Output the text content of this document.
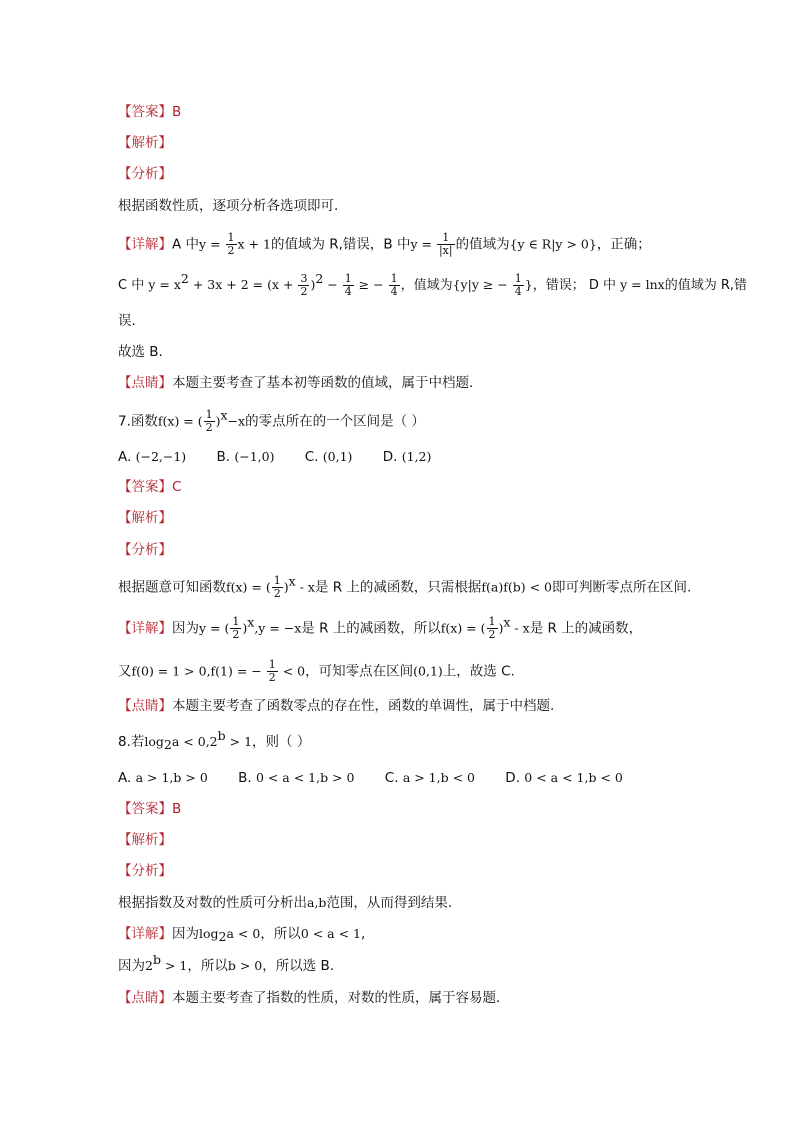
【答案】B
【解析】
【分析】
根据函数性质，逐项分析各选项即可.
【详解】A 中$y = \frac{1}{2}$ x + 1的值域为 R,错误，B 中$y = \frac{1}{|x|}$ 的值域为{y ∈ R|y > 0}，正确；
C 中 $y = x^2 + 3x + 2 = (x + \frac{3}{2} )^2 - \frac{1}{4}$ ≥ − $\frac{1}{4}$ ，值域为{y|y ≥ − $\frac{1}{4}$ }，错误； D 中 y = lnx的值域为 R,错
误.
故选 B.
【点睛】本题主要考查了基本初等函数的值域，属于中档题.
7.函数f(x) = ( $\frac{1}{2} )^x-x$的零点所在的一个区间是（ ）
A. (−2,−1) B. (−1,0) C. (0,1) D. (1,2)
【答案】C
【解析】
【分析】
根据题意可知函数f(x) = ( $\frac{1}{2} )^x$ - x是 R 上的减函数，只需根据f(a)f(b) < 0即可判断零点所在区间.
【详解】因为y = ( $\frac{1}{2} )^x,y = -x$是 R 上的减函数，所以f(x) = ( $\frac{1}{2} )^x$ - x是 R 上的减函数，
又f(0) = 1 > 0,f(1) = − $\frac{1}{2} < 0$，可知零点在区间(0,1)上，故选 C.
【点睛】本题主要考查了函数零点的存在性，函数的单调性，属于中档题.
8.若$\log_2a < 0,2^b > 1$，则（ ）
A. a > 1,b > 0 B. 0 < a < 1,b > 0 C. a > 1,b < 0 D. 0 < a < 1,b < 0
【答案】B
【解析】
【分析】
根据指数及对数的性质可分析出a,b范围，从而得到结果.
【详解】因为$\log_2a < 0$，所以0 < a < 1,
因为$2^b > 1$，所以b > 0，所以选 B.
【点睛】本题主要考查了指数的性质，对数的性质，属于容易题.
